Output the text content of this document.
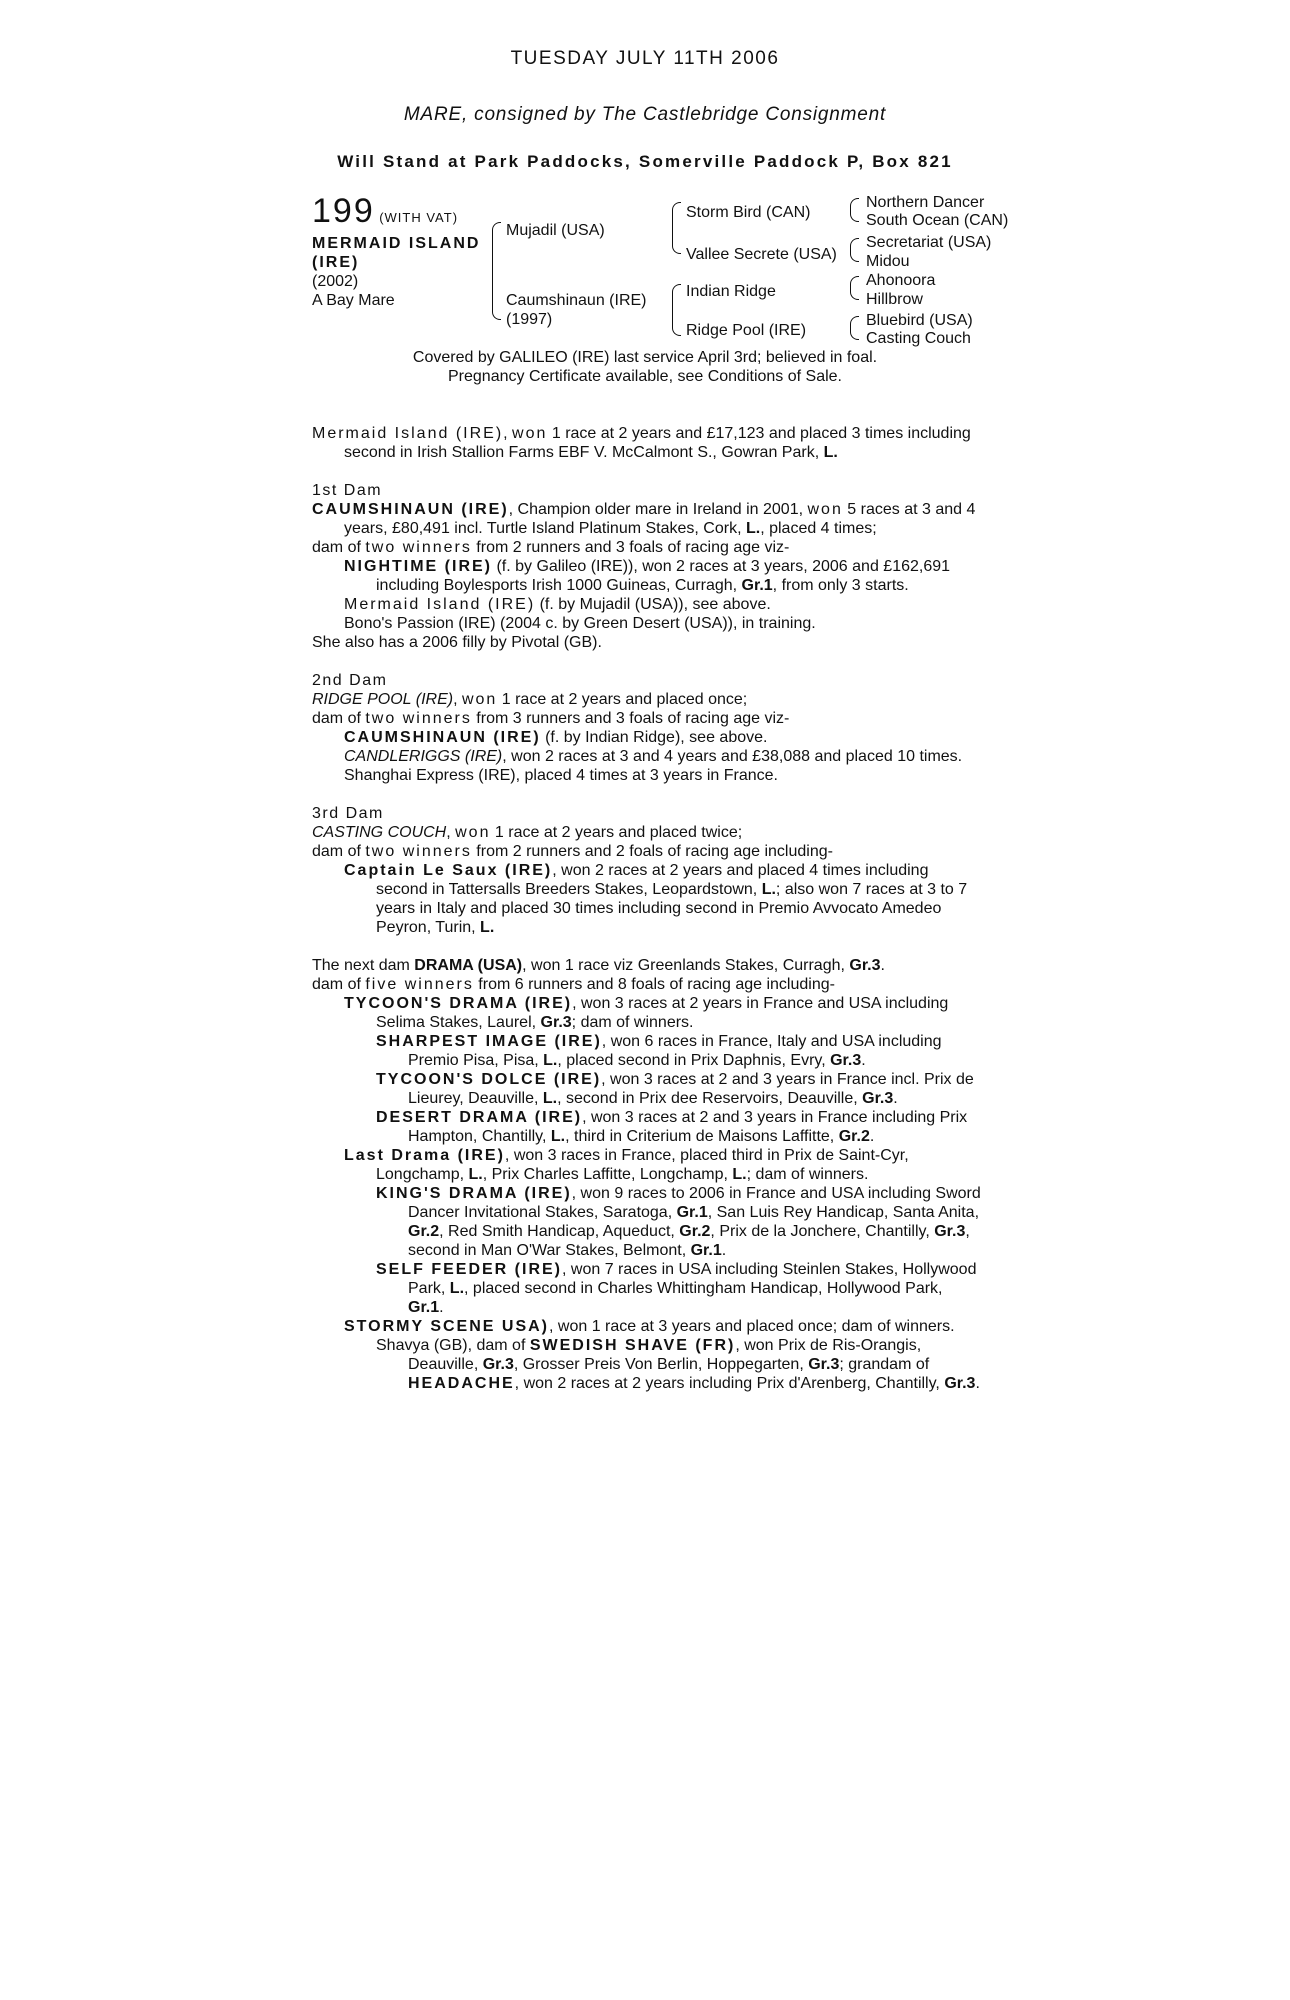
TUESDAY JULY 11TH 2006
MARE, consigned by The Castlebridge Consignment
Will Stand at Park Paddocks, Somerville Paddock P, Box 821
199 (WITH VAT)
MERMAID ISLAND
(IRE)
(2002)
A Bay Mare
Mujadil (USA)
Caumshinaun (IRE)
(1997)
Storm Bird (CAN)
Vallee Secrete (USA)
Indian Ridge
Ridge Pool (IRE)
Northern Dancer
South Ocean (CAN)
Secretariat (USA)
Midou
Ahonoora
Hillbrow
Bluebird (USA)
Casting Couch
Covered by GALILEO (IRE) last service April 3rd; believed in foal.
Pregnancy Certificate available, see Conditions of Sale.

Mermaid Island (IRE), won 1 race at 2 years and £17,123 and placed 3 times including second in Irish Stallion Farms EBF V. McCalmont S., Gowran Park, L.

1st Dam

CAUMSHINAUN (IRE), Champion older mare in Ireland in 2001, won 5 races at 3 and 4 years, £80,491 incl. Turtle Island Platinum Stakes, Cork, L., placed 4 times;

dam of two winners from 2 runners and 3 foals of racing age viz-

NIGHTIME (IRE) (f. by Galileo (IRE)), won 2 races at 3 years, 2006 and £162,691 including Boylesports Irish 1000 Guineas, Curragh, Gr.1, from only 3 starts.

Mermaid Island (IRE) (f. by Mujadil (USA)), see above.

Bono's Passion (IRE) (2004 c. by Green Desert (USA)), in training.

She also has a 2006 filly by Pivotal (GB).

2nd Dam

RIDGE POOL (IRE), won 1 race at 2 years and placed once;

dam of two winners from 3 runners and 3 foals of racing age viz-

CAUMSHINAUN (IRE) (f. by Indian Ridge), see above.

CANDLERIGGS (IRE), won 2 races at 3 and 4 years and £38,088 and placed 10 times.

Shanghai Express (IRE), placed 4 times at 3 years in France.

3rd Dam

CASTING COUCH, won 1 race at 2 years and placed twice;

dam of two winners from 2 runners and 2 foals of racing age including-

Captain Le Saux (IRE), won 2 races at 2 years and placed 4 times including second in Tattersalls Breeders Stakes, Leopardstown, L.; also won 7 races at 3 to 7 years in Italy and placed 30 times including second in Premio Avvocato Amedeo Peyron, Turin, L.

The next dam DRAMA (USA), won 1 race viz Greenlands Stakes, Curragh, Gr.3.

dam of five winners from 6 runners and 8 foals of racing age including-

TYCOON'S DRAMA (IRE), won 3 races at 2 years in France and USA including Selima Stakes, Laurel, Gr.3; dam of winners.

SHARPEST IMAGE (IRE), won 6 races in France, Italy and USA including Premio Pisa, Pisa, L., placed second in Prix Daphnis, Evry, Gr.3.

TYCOON'S DOLCE (IRE), won 3 races at 2 and 3 years in France incl. Prix de Lieurey, Deauville, L., second in Prix dee Reservoirs, Deauville, Gr.3.

DESERT DRAMA (IRE), won 3 races at 2 and 3 years in France including Prix Hampton, Chantilly, L., third in Criterium de Maisons Laffitte, Gr.2.

Last Drama (IRE), won 3 races in France, placed third in Prix de Saint-Cyr, Longchamp, L., Prix Charles Laffitte, Longchamp, L.; dam of winners.

KING'S DRAMA (IRE), won 9 races to 2006 in France and USA including Sword Dancer Invitational Stakes, Saratoga, Gr.1, San Luis Rey Handicap, Santa Anita, Gr.2, Red Smith Handicap, Aqueduct, Gr.2, Prix de la Jonchere, Chantilly, Gr.3, second in Man O'War Stakes, Belmont, Gr.1.

SELF FEEDER (IRE), won 7 races in USA including Steinlen Stakes, Hollywood Park, L., placed second in Charles Whittingham Handicap, Hollywood Park, Gr.1.

STORMY SCENE USA), won 1 race at 3 years and placed once; dam of winners.

Shavya (GB), dam of SWEDISH SHAVE (FR), won Prix de Ris-Orangis, Deauville, Gr.3, Grosser Preis Von Berlin, Hoppegarten, Gr.3; grandam of HEADACHE, won 2 races at 2 years including Prix d'Arenberg, Chantilly, Gr.3.
